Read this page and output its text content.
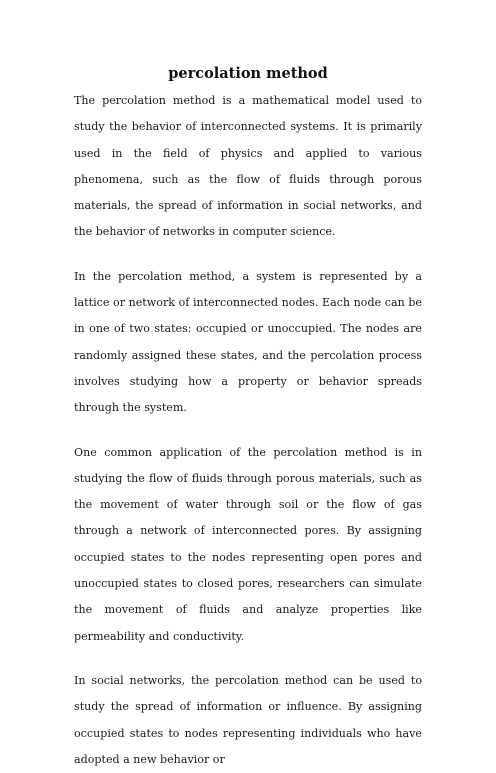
percolation method

The percolation method is a mathematical model used to study the behavior of interconnected systems. It is primarily used in the field of physics and applied to various phenomena, such as the flow of fluids through porous materials, the spread of information in social networks, and the behavior of networks in computer science.

In the percolation method, a system is represented by a lattice or network of interconnected nodes. Each node can be in one of two states: occupied or unoccupied. The nodes are randomly assigned these states, and the percolation process involves studying how a property or behavior spreads through the system.

One common application of the percolation method is in studying the flow of fluids through porous materials, such as the movement of water through soil or the flow of gas through a network of interconnected pores. By assigning occupied states to the nodes representing open pores and unoccupied states to closed pores, researchers can simulate the movement of fluids and analyze properties like permeability and conductivity.

In social networks, the percolation method can be used to study the spread of information or influence. By assigning occupied states to nodes representing individuals who have adopted a new behavior or
